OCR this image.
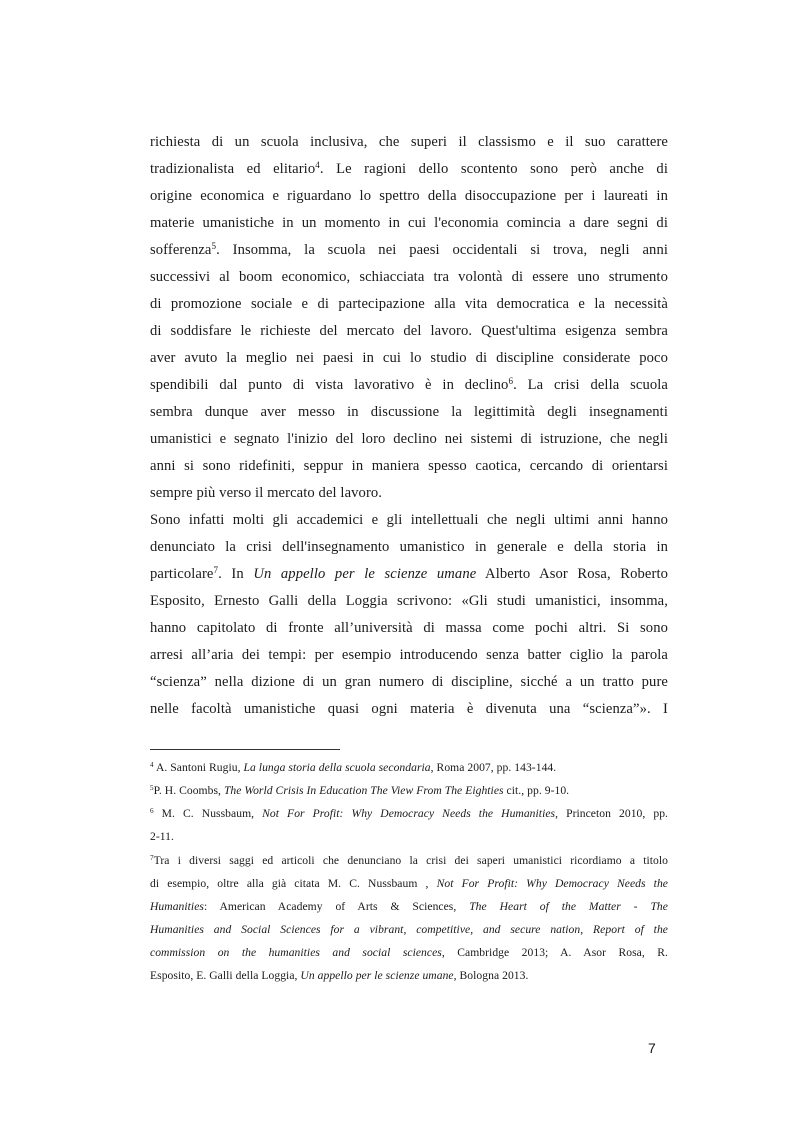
richiesta di un scuola inclusiva, che superi il classismo e il suo carattere
tradizionalista ed elitario$^4$. Le ragioni dello scontento sono però anche di
origine economica e riguardano lo spettro della disoccupazione per i laureati in
materie umanistiche in un momento in cui l'economia comincia a dare segni di
sofferenza$^5$. Insomma, la scuola nei paesi occidentali si trova, negli anni
successivi al boom economico, schiacciata tra volontà di essere uno strumento
di promozione sociale e di partecipazione alla vita democratica e la necessità
di soddisfare le richieste del mercato del lavoro. Quest'ultima esigenza sembra
aver avuto la meglio nei paesi in cui lo studio di discipline considerate poco
spendibili dal punto di vista lavorativo è in declino$^6$. La crisi della scuola
sembra dunque aver messo in discussione la legittimità degli insegnamenti
umanistici e segnato l'inizio del loro declino nei sistemi di istruzione, che negli
anni si sono ridefiniti, seppur in maniera spesso caotica, cercando di orientarsi
sempre più verso il mercato del lavoro.
Sono infatti molti gli accademici e gli intellettuali che negli ultimi anni hanno
denunciato la crisi dell'insegnamento umanistico in generale e della storia in
particolare$^7$. In Un appello per le scienze umane Alberto Asor Rosa, Roberto
Esposito, Ernesto Galli della Loggia scrivono: «Gli studi umanistici, insomma,
hanno capitolato di fronte all’università di massa come pochi altri. Si sono
arresi all’aria dei tempi: per esempio introducendo senza batter ciglio la parola
“scienza” nella dizione di un gran numero di discipline, sicché a un tratto pure
nelle facoltà umanistiche quasi ogni materia è divenuta una “scienza”». I
$^4$ A. Santoni Rugiu, La lunga storia della scuola secondaria, Roma 2007, pp. 143-144.
$^5$P. H. Coombs, The World Crisis In Education The View From The Eighties cit., pp. 9-10.
$^6$ M. C. Nussbaum, Not For Profit: Why Democracy Needs the Humanities, Princeton 2010, pp.
2-11.
$^7$Tra i diversi saggi ed articoli che denunciano la crisi dei saperi umanistici ricordiamo a titolo
di esempio, oltre alla già citata M. C. Nussbaum , Not For Profit: Why Democracy Needs the
Humanities: American Academy of Arts & Sciences, The Heart of the Matter - The
Humanities and Social Sciences for a vibrant, competitive, and secure nation, Report of the
commission on the humanities and social sciences, Cambridge 2013; A. Asor Rosa, R.
Esposito, E. Galli della Loggia, Un appello per le scienze umane, Bologna 2013.
7
